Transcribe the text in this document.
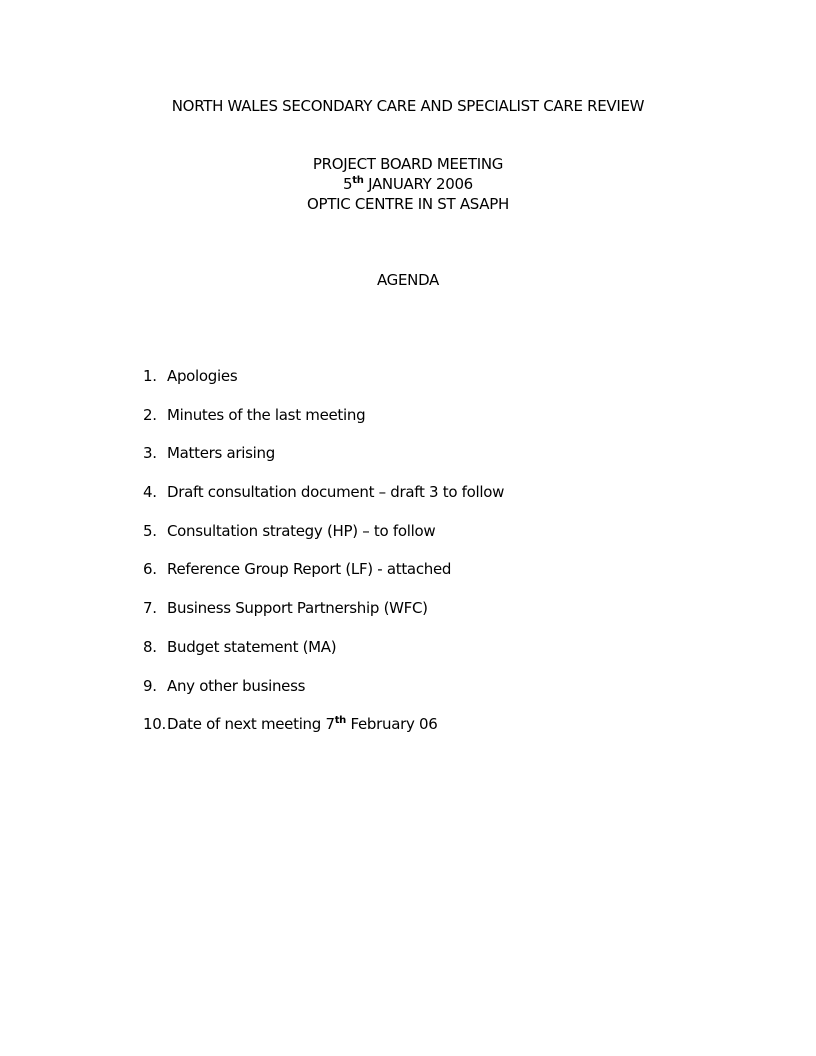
NORTH WALES SECONDARY CARE AND SPECIALIST CARE REVIEW
PROJECT BOARD MEETING
5th JANUARY 2006
OPTIC CENTRE IN ST ASAPH
AGENDA
1. Apologies
2. Minutes of the last meeting
3. Matters arising
4. Draft consultation document – draft 3 to follow
5. Consultation strategy (HP) – to follow
6. Reference Group Report (LF) - attached
7. Business Support Partnership (WFC)
8. Budget statement (MA)
9. Any other business
10. Date of next meeting 7th February 06
